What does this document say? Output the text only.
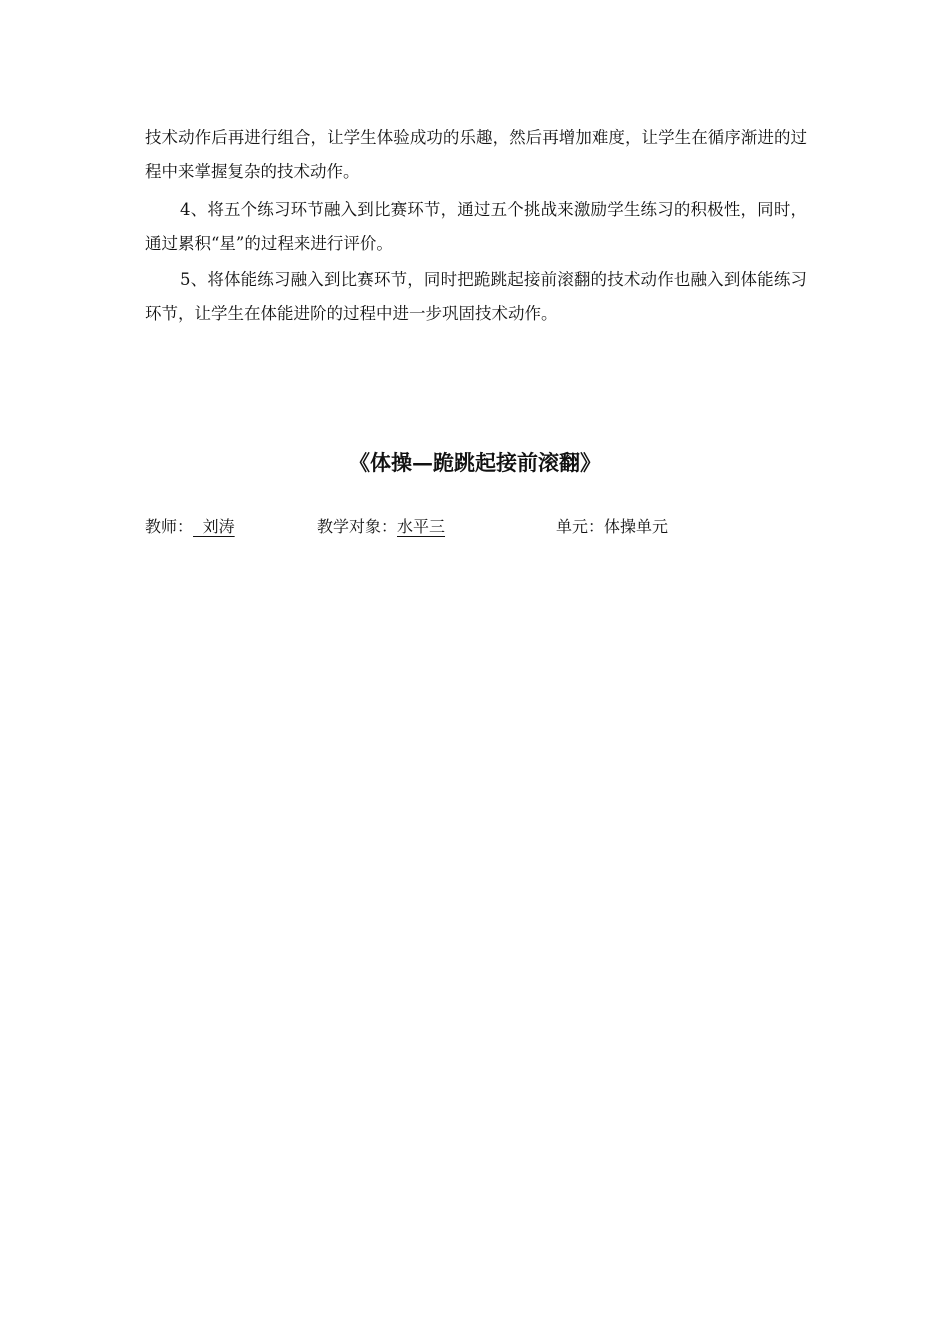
技术动作后再进行组合，让学生体验成功的乐趣，然后再增加难度，让学生在循序渐进的过程中来掌握复杂的技术动作。

4、将五个练习环节融入到比赛环节，通过五个挑战来激励学生练习的积极性，同时，通过累积“星”的过程来进行评价。

5、将体能练习融入到比赛环节，同时把跪跳起接前滚翻的技术动作也融入到体能练习环节，让学生在体能进阶的过程中进一步巩固技术动作。

《体操—跪跳起接前滚翻》

教师： 刘涛

	教学对象：水平三

	单元：体操单元
